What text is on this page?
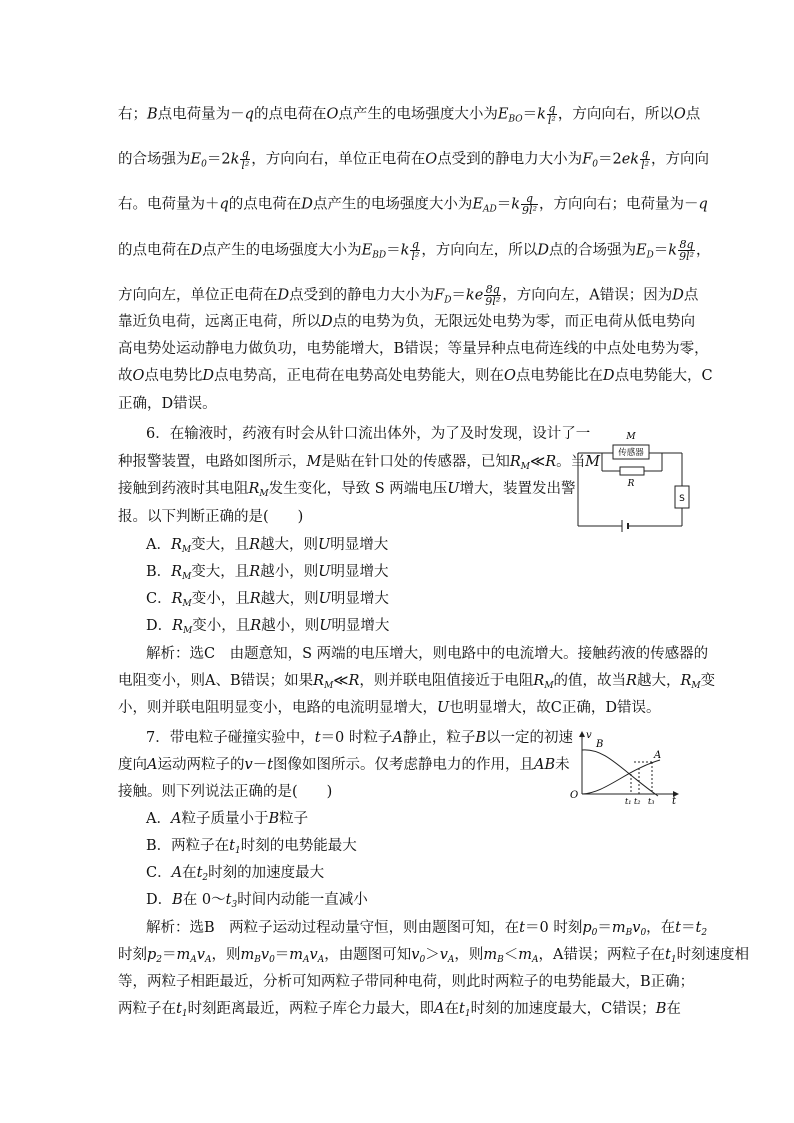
右；B点电荷量为－q的点电荷在O点产生的电场强度大小为$E_{BO}=k \frac{q}{\text{l²}}$ ，方向向右，所以O点
的合场强为$E_0=2k \frac{q}{\text{l²}}$ ，方向向右，单位正电荷在O点受到的静电力大小为$F_0=2ek \frac{q}{\text{l²}}$ ，方向向
右。电荷量为＋q的点电荷在D点产生的电场强度大小为$E_{AD}=k \frac{q}{\text{9l²}}$ ，方向向右；电荷量为－q
的点电荷在D点产生的电场强度大小为$E_{BD}=k \frac{q}{\text{l²}}$ ，方向向左，所以D点的合场强为$E_D=k \frac{8q}{\text{9l²}}$ ，
方向向左，单位正电荷在D点受到的静电力大小为$F_D=ke \frac{8q}{\text{9l²}}$ ，方向向左，A错误；因为D点
靠近负电荷，远离正电荷，所以D点的电势为负，无限远处电势为零，而正电荷从低电势向
高电势处运动静电力做负功，电势能增大，B错误；等量异种点电荷连线的中点处电势为零，
故O点电势比D点电势高，正电荷在电势高处电势能大，则在O点电势能比在D点电势能大，C
正确，D错误。
6．在输液时，药液有时会从针口流出体外，为了及时发现，设计了一
种报警装置，电路如图所示，M是贴在针口处的传感器，已知$R_M≪R$。当M
接触到药液时其电阻$R_M$发生变化，导致 S 两端电压U增大，装置发出警
报。以下判断正确的是(　　)
A．$R_M$变大，且R越大，则U明显增大
B．$R_M$变大，且R越小，则U明显增大
C．$R_M$变小，且R越大，则U明显增大
D．$R_M$变小，且R越小，则U明显增大
解析：选C　由题意知，S 两端的电压增大，则电路中的电流增大。接触药液的传感器的
电阻变小，则A、B错误；如果$R_M≪R$，则并联电阻值接近于电阻$R_M$的值，故当R越大，$R_M$变
小，则并联电阻明显变小，电路的电流明显增大，U也明显增大，故C正确，D错误。
M
传感器
R
S
7．带电粒子碰撞实验中，t＝0 时粒子A静止，粒子B以一定的初速
度向A运动两粒子的v－t图像如图所示。仅考虑静电力的作用，且AB未
接触。则下列说法正确的是(　　)
A．A粒子质量小于B粒子
B．两粒子在$t_1$时刻的电势能最大
C．A在$t_2$时刻的加速度最大
D．B在 $0\sim t_3$时间内动能一直减小
解析：选B　两粒子运动过程动量守恒，则由题图可知，在t＝0 时刻$p_0=m_Bv_0$，在$t=t_2$
时刻$p_2=m_Av_A$，则$m_Bv_0=m_Av_A$，由题图可知$v_0>v_A$，则$m_B<m_A$，A错误；两粒子在$t_1$时刻速度相
等，两粒子相距最近，分析可知两粒子带同种电荷，则此时两粒子的电势能最大，B正确；
两粒子在$t_1$时刻距离最近，两粒子库仑力最大，即A在$t_1$时刻的加速度最大，C错误；B在
v
B
A
O
t
t₁ t₂ t₃
